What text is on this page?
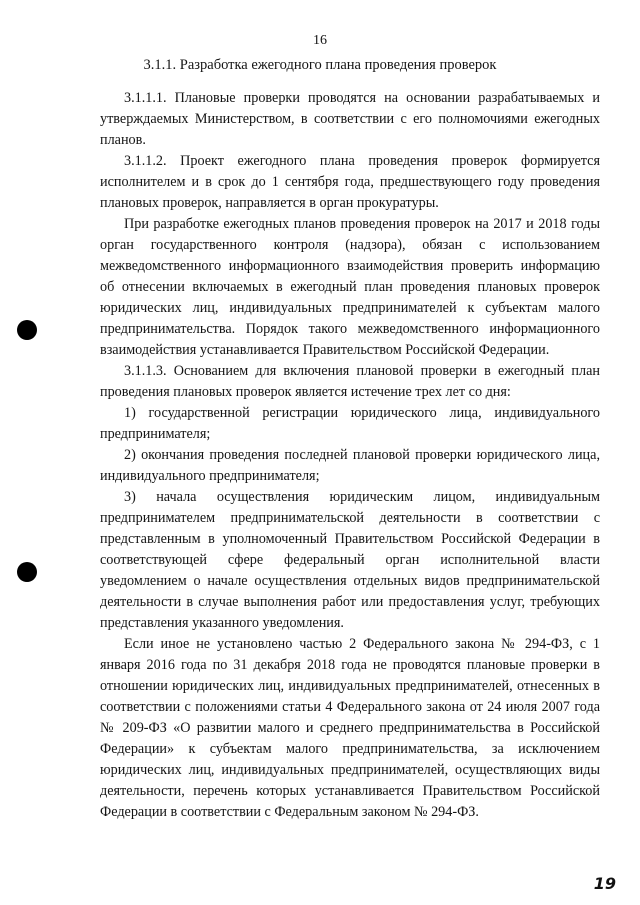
16
3.1.1. Разработка ежегодного плана проведения проверок

3.1.1.1. Плановые проверки проводятся на основании разрабатываемых и утверждаемых Министерством, в соответствии с его полномочиями ежегодных планов.

3.1.1.2. Проект ежегодного плана проведения проверок формируется исполнителем и в срок до 1 сентября года, предшествующего году проведения плановых проверок, направляется в орган прокуратуры.

При разработке ежегодных планов проведения проверок на 2017 и 2018 годы орган государственного контроля (надзора), обязан с использованием межведомственного информационного взаимодействия проверить информацию об отнесении включаемых в ежегодный план проведения плановых проверок юридических лиц, индивидуальных предпринимателей к субъектам малого предпринимательства. Порядок такого межведомственного информационного взаимодействия устанавливается Правительством Российской Федерации.

3.1.1.3. Основанием для включения плановой проверки в ежегодный план проведения плановых проверок является истечение трех лет со дня:

1) государственной регистрации юридического лица, индивидуального предпринимателя;

2) окончания проведения последней плановой проверки юридического лица, индивидуального предпринимателя;

3) начала осуществления юридическим лицом, индивидуальным предпринимателем предпринимательской деятельности в соответствии с представленным в уполномоченный Правительством Российской Федерации в соответствующей сфере федеральный орган исполнительной власти уведомлением о начале осуществления отдельных видов предпринимательской деятельности в случае выполнения работ или предоставления услуг, требующих представления указанного уведомления.

Если иное не установлено частью 2 Федерального закона № 294-ФЗ, с 1 января 2016 года по 31 декабря 2018 года не проводятся плановые проверки в отношении юридических лиц, индивидуальных предпринимателей, отнесенных в соответствии с положениями статьи 4 Федерального закона от 24 июля 2007 года № 209-ФЗ «О развитии малого и среднего предпринимательства в Российской Федерации» к субъектам малого предпринимательства, за исключением юридических лиц, индивидуальных предпринимателей, осуществляющих виды деятельности, перечень которых устанавливается Правительством Российской Федерации в соответствии с Федеральным законом № 294-ФЗ.

19
